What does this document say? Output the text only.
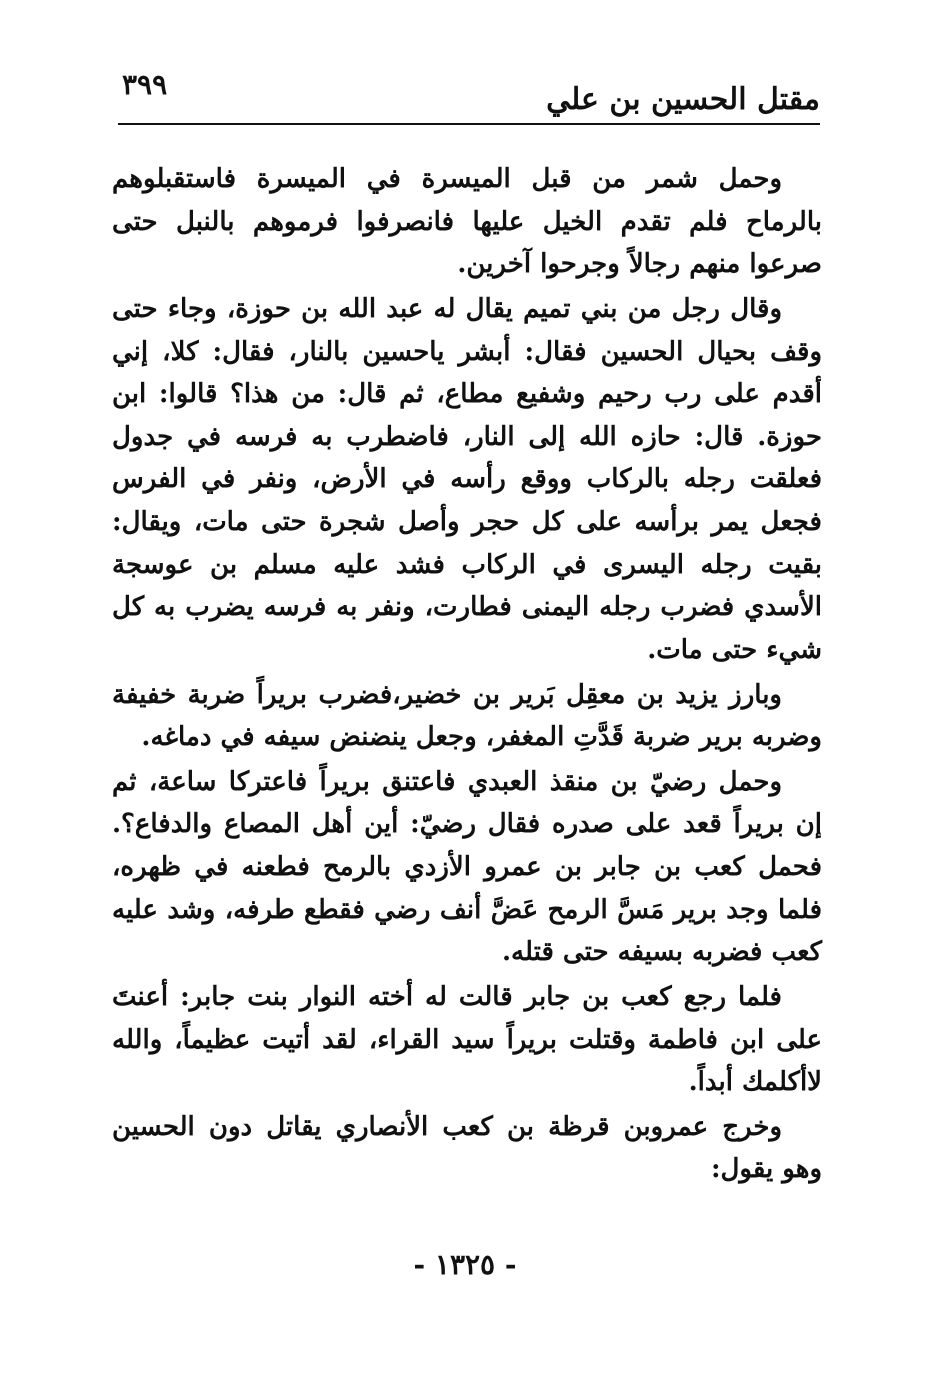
٣٩٩	مقتل الحسين بن علي

وحمل شمر من قبل الميسرة في الميسرة فاستقبلوهم بالرماح فلم تقدم الخيل عليها فانصرفوا فرموهم بالنبل حتى صرعوا منهم رجالاً وجرحوا آخرين.

وقال رجل من بني تميم يقال له عبد الله بن حوزة، وجاء حتى وقف بحيال الحسين فقال: أبشر ياحسين بالنار، فقال: كلا، إني أقدم على رب رحيم وشفيع مطاع، ثم قال: من هذا؟ قالوا: ابن حوزة. قال: حازه الله إلى النار، فاضطرب به فرسه في جدول فعلقت رجله بالركاب ووقع رأسه في الأرض، ونفر في الفرس فجعل يمر برأسه على كل حجر وأصل شجرة حتى مات، ويقال: بقيت رجله اليسرى في الركاب فشد عليه مسلم بن عوسجة الأسدي فضرب رجله اليمنى فطارت، ونفر به فرسه يضرب به كل شيء حتى مات.

وبارز يزيد بن معقِل بَرير بن خضير،فضرب بريراً ضربة خفيفة وضربه برير ضربة قَدَّتِ المغفر، وجعل ينضنض سيفه في دماغه.

وحمل رضيّ بن منقذ العبدي فاعتنق بريراً فاعتركا ساعة، ثم إن بريراً قعد على صدره فقال رضيّ: أين أهل المصاع والدفاع؟. فحمل كعب بن جابر بن عمرو الأزدي بالرمح فطعنه في ظهره، فلما وجد برير مَسَّ الرمح عَضَّ أنف رضي فقطع طرفه، وشد عليه كعب فضربه بسيفه حتى قتله.

فلما رجع كعب بن جابر قالت له أخته النوار بنت جابر: أعنتَ على ابن فاطمة وقتلت بريراً سيد القراء، لقد أتيت عظيماً، والله لاأكلمك أبداً.

وخرج عمروبن قرظة بن كعب الأنصاري يقاتل دون الحسين وهو يقول:

- ١٣٢٥ -
